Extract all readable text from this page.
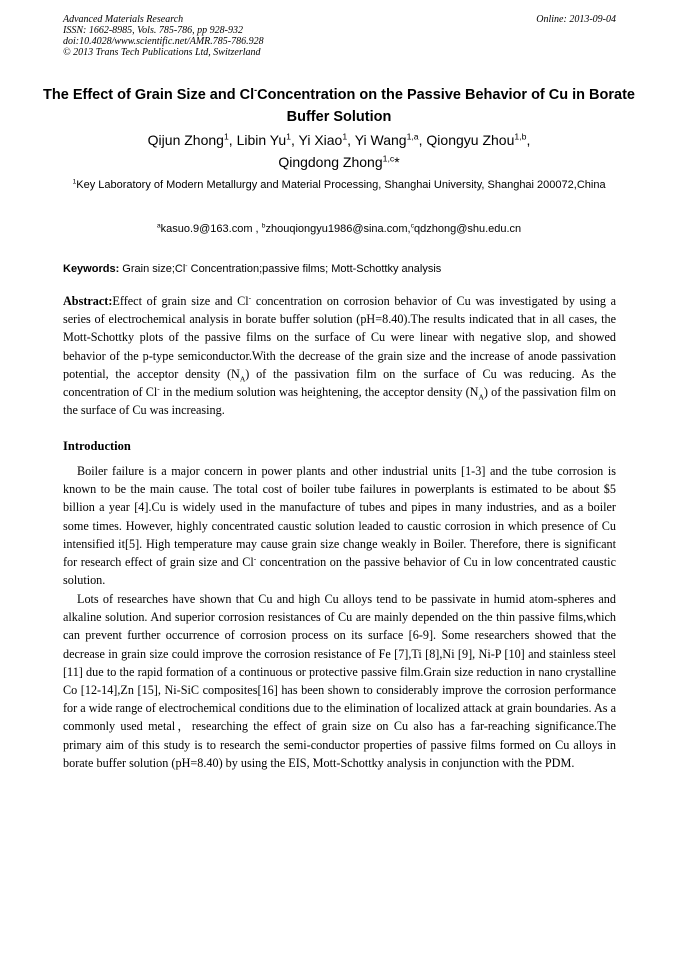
Advanced Materials Research
ISSN: 1662-8985, Vols. 785-786, pp 928-932
doi:10.4028/www.scientific.net/AMR.785-786.928
© 2013 Trans Tech Publications Ltd, Switzerland
Online: 2013-09-04
The Effect of Grain Size and Cl-Concentration on the Passive Behavior of Cu in Borate Buffer Solution
Qijun Zhong$^1$, Libin Yu$^1$, Yi Xiao$^1$, Yi Wang$^{1,a}$, Qiongyu Zhou$^{1,b}$,
Qingdong Zhong$^{1,c}$*
$^1$Key Laboratory of Modern Metallurgy and Material Processing, Shanghai University, Shanghai 200072,China
$^a$kasuo.9@163.com , $^b$zhouqiongyu1986@sina.com,$^c$qdzhong@shu.edu.cn
Keywords: Grain size;Cl- Concentration;passive films; Mott-Schottky analysis
Abstract:Effect of grain size and Cl- concentration on corrosion behavior of Cu was investigated by using a series of electrochemical analysis in borate buffer solution (pH=8.40).The results indicated that in all cases, the Mott-Schottky plots of the passive films on the surface of Cu were linear with negative slop, and showed behavior of the p-type semiconductor.With the decrease of the grain size and the increase of anode passivation potential, the acceptor density $(N_A)$ of the passivation film on the surface of Cu was reducing. As the concentration of Cl- in the medium solution was heightening, the acceptor density $(N_A)$ of the passivation film on the surface of Cu was increasing.
Introduction
Boiler failure is a major concern in power plants and other industrial units [1-3] and the tube corrosion is known to be the main cause. The total cost of boiler tube failures in powerplants is estimated to be about $5 billion a year [4].Cu is widely used in the manufacture of tubes and pipes in many industries, and as a boiler some times. However, highly concentrated caustic solution leaded to caustic corrosion in which presence of Cu intensified it[5]. High temperature may cause grain size change weakly in Boiler. Therefore, there is significant for research effect of grain size and Cl- concentration on the passive behavior of Cu in low concentrated caustic solution.
Lots of researches have shown that Cu and high Cu alloys tend to be passivate in humid atom-spheres and alkaline solution. And superior corrosion resistances of Cu are mainly depended on the thin passive films,which can prevent further occurrence of corrosion process on its surface [6-9]. Some researchers showed that the decrease in grain size could improve the corrosion resistance of Fe [7],Ti [8],Ni [9], Ni-P [10] and stainless steel [11] due to the rapid formation of a continuous or protective passive film.Grain size reduction in nano crystalline Co [12-14],Zn [15], Ni-SiC composites[16] has been shown to considerably improve the corrosion performance for a wide range of electrochemical conditions due to the elimination of localized attack at grain boundaries. As a commonly used metal，researching the effect of grain size on Cu also has a far-reaching significance.The primary aim of this study is to research the semi-conductor properties of passive films formed on Cu alloys in borate buffer solution (pH=8.40) by using the EIS, Mott-Schottky analysis in conjunction with the PDM.
